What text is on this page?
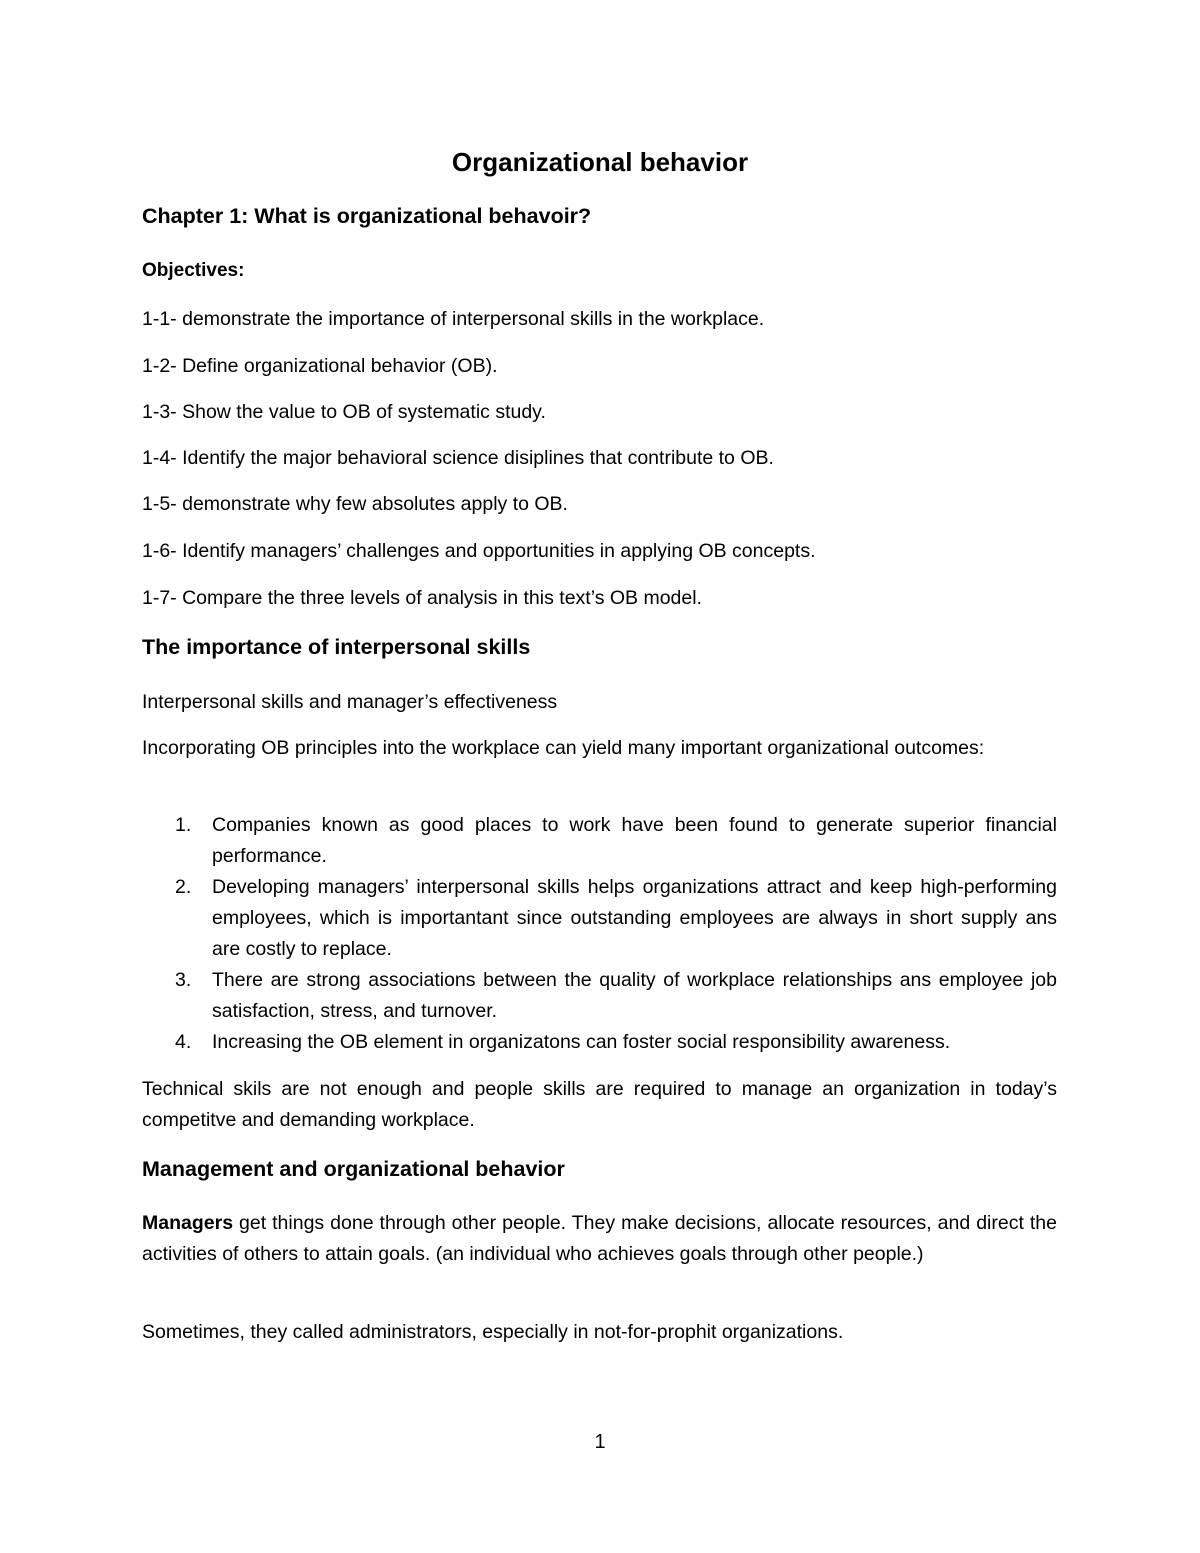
Organizational behavior
Chapter 1: What is organizational behavoir?
Objectives:
1-1- demonstrate the importance of interpersonal skills in the workplace.
1-2- Define organizational behavior (OB).
1-3- Show the value to OB of systematic study.
1-4- Identify the major behavioral science disiplines that contribute to OB.
1-5- demonstrate why few absolutes apply to OB.
1-6- Identify managers’ challenges and opportunities in applying OB concepts.
1-7- Compare the three levels of analysis in this text’s OB model.
The importance of interpersonal skills
Interpersonal skills and manager’s effectiveness
Incorporating OB principles into the workplace can yield many important organizational outcomes:
1. Companies known as good places to work have been found to generate superior financial performance.
2. Developing managers’ interpersonal skills helps organizations attract and keep high-performing employees, which is importantant since outstanding employees are always in short supply ans are costly to replace.
3. There are strong associations between the quality of workplace relationships ans employee job satisfaction, stress, and turnover.
4. Increasing the OB element in organizatons can foster social responsibility awareness.
Technical skils are not enough and people skills are required to manage an organization in today’s competitve and demanding workplace.
Management and organizational behavior
Managers get things done through other people. They make decisions, allocate resources, and direct the activities of others to attain goals. (an individual who achieves goals through other people.)
Sometimes, they called administrators, especially in not-for-prophit organizations.
1
